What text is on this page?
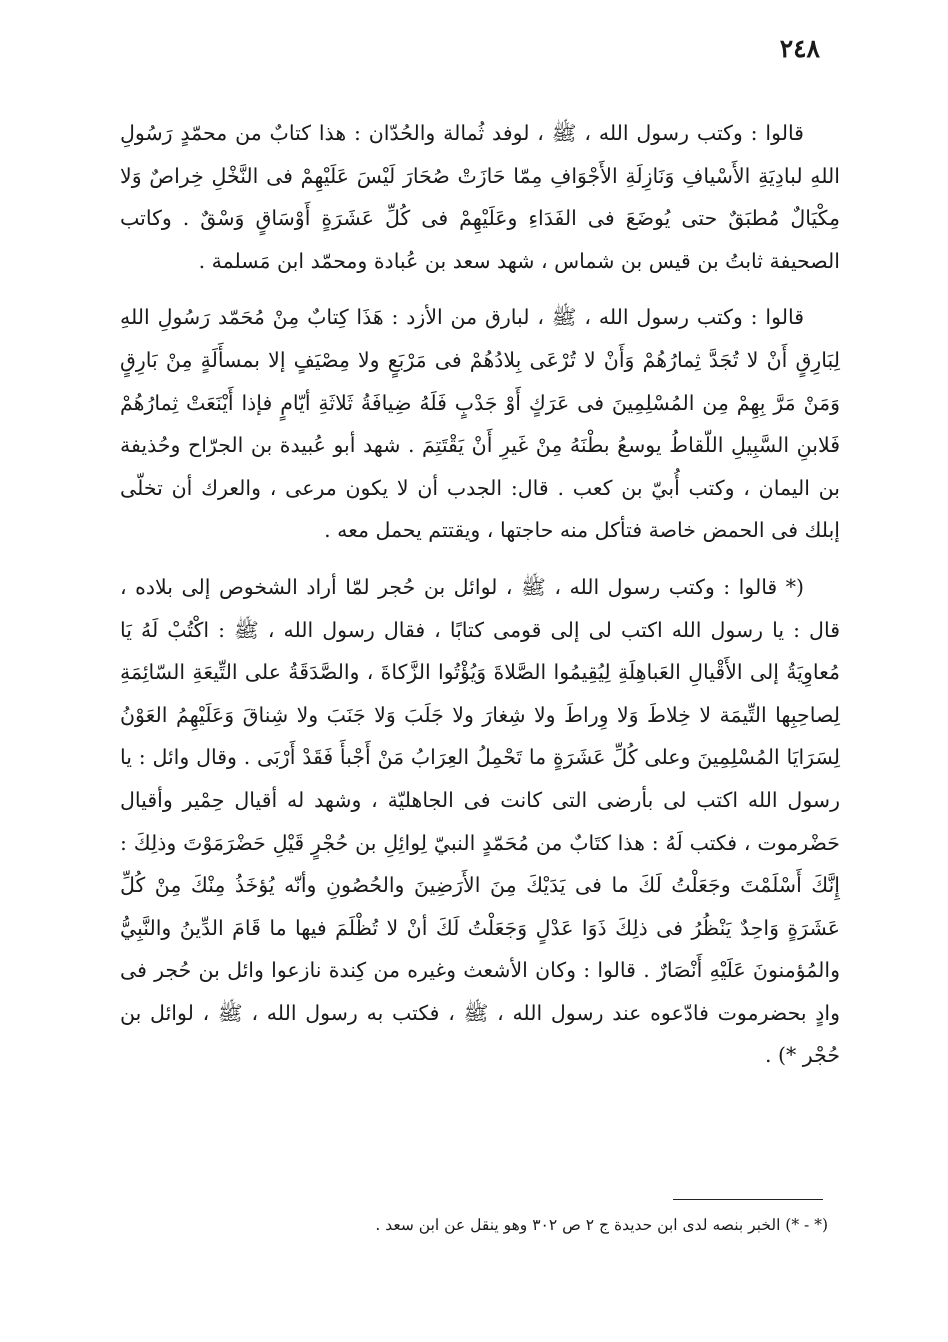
٢٤٨

قالوا : وكتب رسول الله ، ﷺ ، لوفد ثُمالة والحُدّان : هذا كتابٌ من محمّدٍ رَسُولِ اللهِ لبادِيَةِ الأَسْيافِ وَنَازِلَةِ الأَجْوَافِ مِمّا حَازَتْ صُحَارَ لَيْسَ عَلَيْهِمْ فى النَّخْلِ خِراصٌ وَلا مِكْيَالٌ مُطبَقٌ حتى يُوضَعَ فى الفَدَاءِ وعَلَيْهِمْ فى كُلِّ عَشَرَةٍ أَوْسَاقٍ وَسْقٌ . وكاتب الصحيفة ثابتُ بن قيس بن شماس ، شهد سعد بن عُبادة ومحمّد ابن مَسلمة .

قالوا : وكتب رسول الله ، ﷺ ، لبارق من الأزد : هَذَا كِتابٌ مِنْ مُحَمّد رَسُولِ اللهِ لِبَارِقٍ أَنْ لا تُجَدَّ ثِمارُهُمْ وَأَنْ لا تُرْعَى بِلادُهُمْ فى مَرْبَعٍ ولا مِصْيَفٍ إلا بمسأَلَةٍ مِنْ بَارِقٍ وَمَنْ مَرَّ بِهِمْ مِن المُسْلِمِينَ فى عَرَكٍ أَوْ جَدْبٍ فَلَهُ ضِيافَةُ ثَلاثَةِ أيّامٍ فإذا أَيْنَعَتْ ثِمارُهُمْ فَلابنِ السَّبِيلِ اللّقاطُ يوسعُ بطْنَهُ مِنْ غَيرِ أَنْ يَقْتَتِمَ . شهد أبو عُبيدة بن الجرّاح وحُذيفة بن اليمان ، وكتب أُبيّ بن كعب . قال: الجدب أن لا يكون مرعى ، والعرك أن تخلّى إبلك فى الحمض خاصة فتأكل منه حاجتها ، ويقتتم يحمل معه .

(* قالوا : وكتب رسول الله ، ﷺ ، لوائل بن حُجر لمّا أراد الشخوص إلى بلاده ، قال : يا رسول الله اكتب لى إلى قومى كتابًا ، فقال رسول الله ، ﷺ : اكْتُبْ لَهُ يَا مُعاوِيَةُ إلى الأَقْيالِ العَباهِلَةِ لِيُقِيمُوا الصَّلاةَ وَيُؤْتُوا الزَّكاةَ ، والصَّدَقَةُ على التِّيعَةِ السّائِمَةِ لِصاحِبِها التِّيمَة لا خِلاطَ وَلا وِراطَ ولا شِغارَ ولا جَلَبَ وَلا جَنَبَ ولا شِناقَ وَعَلَيْهِمُ العَوْنُ لِسَرَايَا المُسْلِمِينَ وعلى كُلِّ عَشَرَةٍ ما تَحْمِلُ العِرَابُ مَنْ أَجْبأَ فَقَدْ أَرْبَى . وقال وائل : يا رسول الله اكتب لى بأرضى التى كانت فى الجاهليّة ، وشهد له أقيال حِمْير وأقيال حَضْرموت ، فكتب لَهُ : هذا كتَابٌ من مُحَمّدٍ النبيّ لِوائِلِ بن حُجْرٍ قَيْلِ حَضْرَمَوْتَ وذلِكَ : إِنَّكَ أَسْلَمْتَ وجَعَلْتُ لَكَ ما فى يَدَيْكَ مِنَ الأَرَضِينَ والحُصُونِ وأنّه يُؤخَذُ مِنْكَ مِنْ كُلِّ عَشَرَةٍ وَاحِدٌ يَنْظُرُ فى ذلِكَ ذَوَا عَدْلٍ وَجَعَلْتُ لَكَ أنْ لا تُظْلَمَ فيها ما قَامَ الدِّينُ والنَّبِيُّ والمُؤمنونَ عَلَيْهِ أَنْصَارٌ . قالوا : وكان الأشعث وغيره من كِندة نازعوا وائل بن حُجر فى وادٍ بحضرموت فادّعوه عند رسول الله ، ﷺ ، فكتب به رسول الله ، ﷺ ، لوائل بن حُجْر *) .

(* - *) الخبر بنصه لدى ابن حديدة ج ٢ ص ٣٠٢ وهو ينقل عن ابن سعد .
